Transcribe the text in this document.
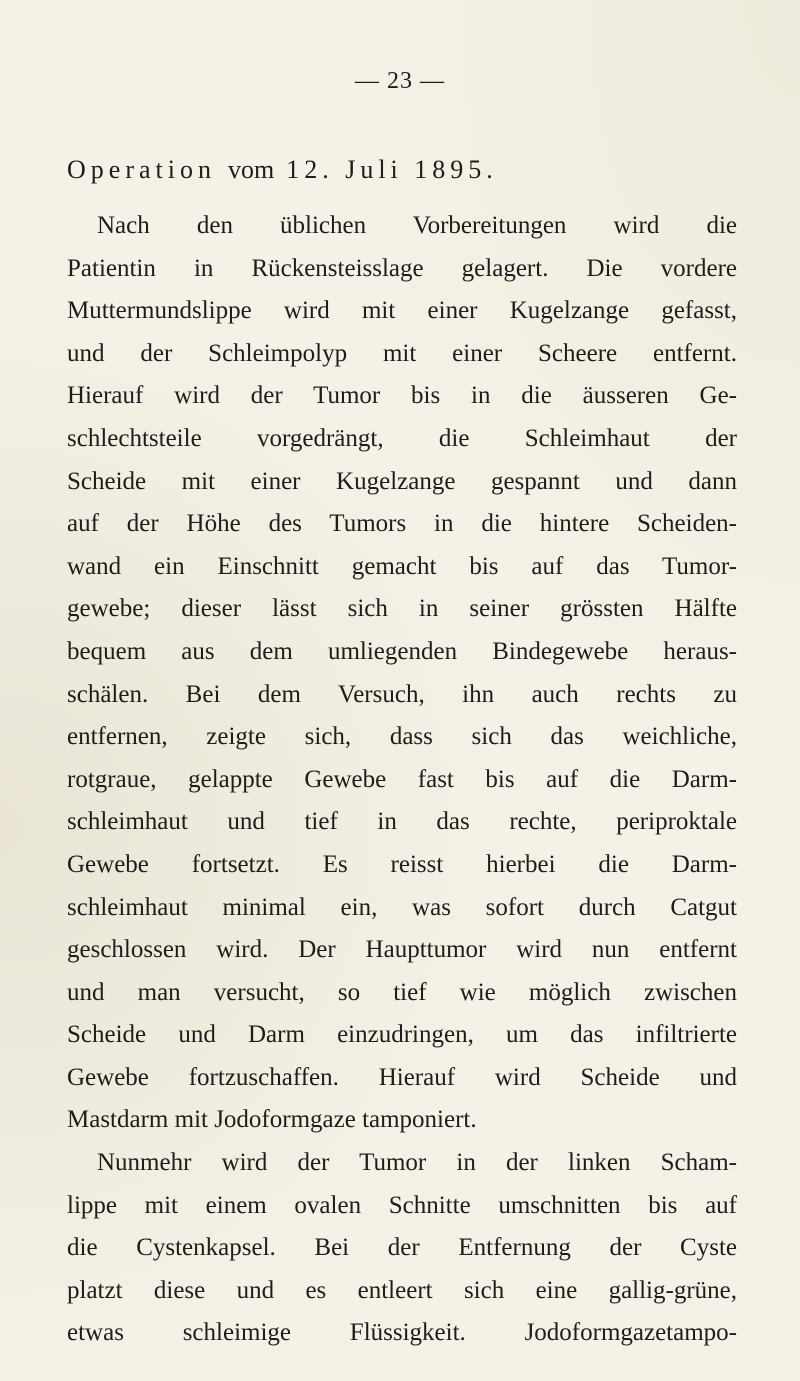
— 23 —
Operation vom 12. Juli 1895.
Nach den üblichen Vorbereitungen wird die
Patientin in Rückensteisslage gelagert. Die vordere
Muttermundslippe wird mit einer Kugelzange gefasst,
und der Schleimpolyp mit einer Scheere entfernt.
Hierauf wird der Tumor bis in die äusseren Ge-
schlechtsteile vorgedrängt, die Schleimhaut der
Scheide mit einer Kugelzange gespannt und dann
auf der Höhe des Tumors in die hintere Scheiden-
wand ein Einschnitt gemacht bis auf das Tumor-
gewebe; dieser lässt sich in seiner grössten Hälfte
bequem aus dem umliegenden Bindegewebe heraus-
schälen. Bei dem Versuch, ihn auch rechts zu
entfernen, zeigte sich, dass sich das weichliche,
rotgraue, gelappte Gewebe fast bis auf die Darm-
schleimhaut und tief in das rechte, periproktale
Gewebe fortsetzt. Es reisst hierbei die Darm-
schleimhaut minimal ein, was sofort durch Catgut
geschlossen wird. Der Haupttumor wird nun entfernt
und man versucht, so tief wie möglich zwischen
Scheide und Darm einzudringen, um das infiltrierte
Gewebe fortzuschaffen. Hierauf wird Scheide und
Mastdarm mit Jodoformgaze tamponiert.
Nunmehr wird der Tumor in der linken Scham-
lippe mit einem ovalen Schnitte umschnitten bis auf
die Cystenkapsel. Bei der Entfernung der Cyste
platzt diese und es entleert sich eine gallig-grüne,
etwas schleimige Flüssigkeit. Jodoformgazetampo-
